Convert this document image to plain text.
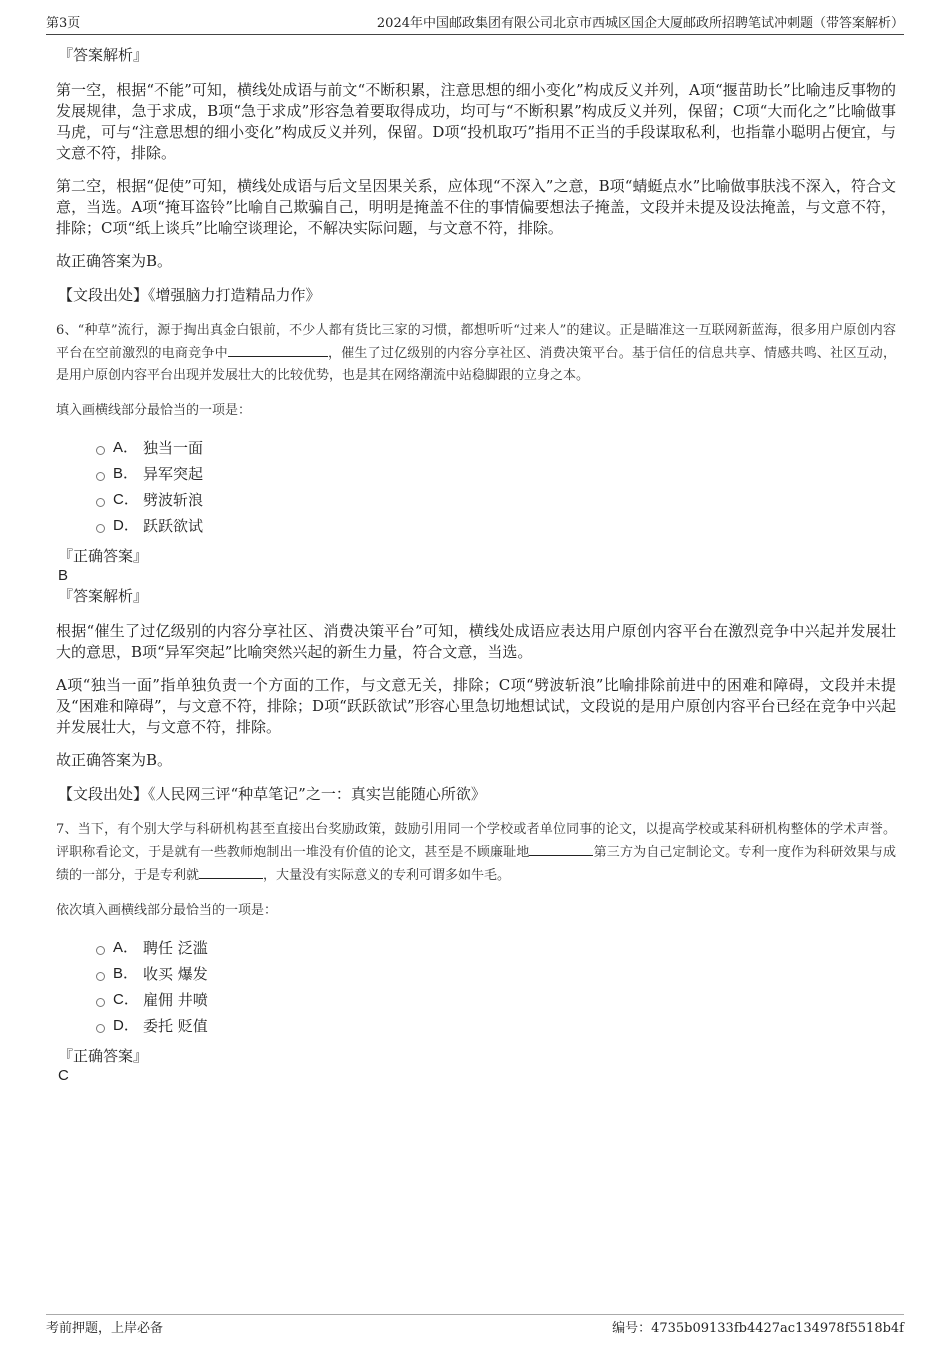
第3页	2024年中国邮政集团有限公司北京市西城区国企大厦邮政所招聘笔试冲刺题（带答案解析）
『答案解析』

第一空，根据“不能”可知，横线处成语与前文“不断积累，注意思想的细小变化”构成反义并列，A项“揠苗助长”比喻违反事物的发展规律，急于求成，B项“急于求成”形容急着要取得成功，均可与“不断积累”构成反义并列，保留；C项“大而化之”比喻做事马虎，可与“注意思想的细小变化”构成反义并列，保留。D项“投机取巧”指用不正当的手段谋取私利，也指靠小聪明占便宜，与文意不符，排除。

第二空，根据“促使”可知，横线处成语与后文呈因果关系，应体现“不深入”之意，B项“蜻蜓点水”比喻做事肤浅不深入，符合文意，当选。A项“掩耳盗铃”比喻自己欺骗自己，明明是掩盖不住的事情偏要想法子掩盖，文段并未提及设法掩盖，与文意不符，排除；C项“纸上谈兵”比喻空谈理论，不解决实际问题，与文意不符，排除。

故正确答案为B。

【文段出处】《增强脑力打造精品力作》

6、“种草”流行，源于掏出真金白银前，不少人都有货比三家的习惯，都想听听“过来人”的建议。正是瞄准这一互联网新蓝海，很多用户原创内容平台在空前激烈的电商竞争中	，催生了过亿级别的内容分享社区、消费决策平台。基于信任的信息共享、情感共鸣、社区互动，是用户原创内容平台出现并发展壮大的比较优势，也是其在网络潮流中站稳脚跟的立身之本。

填入画横线部分最恰当的一项是：
A． 独当一面
B． 异军突起
C． 劈波斩浪
D． 跃跃欲试
『正确答案』
B
『答案解析』

根据“催生了过亿级别的内容分享社区、消费决策平台”可知，横线处成语应表达用户原创内容平台在激烈竞争中兴起并发展壮大的意思，B项“异军突起”比喻突然兴起的新生力量，符合文意，当选。

A项“独当一面”指单独负责一个方面的工作，与文意无关，排除；C项“劈波斩浪”比喻排除前进中的困难和障碍，文段并未提及“困难和障碍”，与文意不符，排除；D项“跃跃欲试”形容心里急切地想试试，文段说的是用户原创内容平台已经在竞争中兴起并发展壮大，与文意不符，排除。

故正确答案为B。

【文段出处】《人民网三评“种草笔记”之一：真实岂能随心所欲》

7、当下，有个别大学与科研机构甚至直接出台奖励政策，鼓励引用同一个学校或者单位同事的论文，以提高学校或某科研机构整体的学术声誉。评职称看论文，于是就有一些教师炮制出一堆没有价值的论文，甚至是不顾廉耻地	第三方为自己定制论文。专利一度作为科研效果与成绩的一部分，于是专利就	，大量没有实际意义的专利可谓多如牛毛。

依次填入画横线部分最恰当的一项是：
A． 聘任 泛滥
B． 收买 爆发
C． 雇佣 井喷
D． 委托 贬值
『正确答案』
C
考前押题，上岸必备	编号：4735b09133fb4427ac134978f5518b4f
